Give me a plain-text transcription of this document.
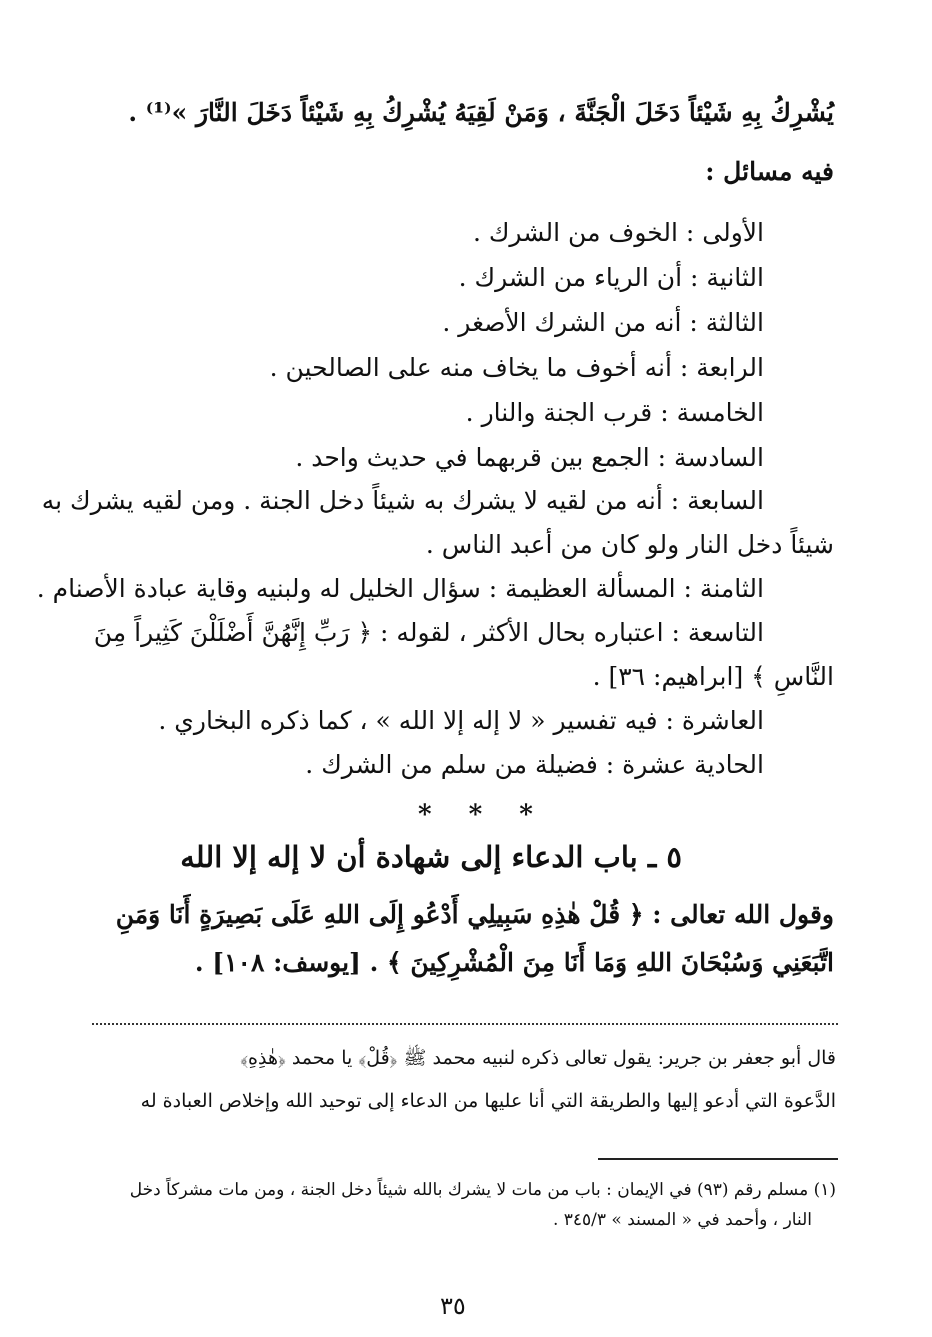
يُشْرِكُ بِهِ شَيْئاً دَخَلَ الْجَنَّةَ ، وَمَنْ لَقِيَهُ يُشْرِكُ بِهِ شَيْئاً دَخَلَ النَّارَ »⁽¹⁾ .
فيه مسائل :
الأولى : الخوف من الشرك .
الثانية : أن الرياء من الشرك .
الثالثة : أنه من الشرك الأصغر .
الرابعة : أنه أخوف ما يخاف منه على الصالحين .
الخامسة : قرب الجنة والنار .
السادسة : الجمع بين قربهما في حديث واحد .
السابعة : أنه من لقيه لا يشرك به شيئاً دخل الجنة . ومن لقيه يشرك به
شيئاً دخل النار ولو كان من أعبد الناس .
الثامنة : المسألة العظيمة : سؤال الخليل له ولبنيه وقاية عبادة الأصنام .
التاسعة : اعتباره بحال الأكثر ، لقوله : ﴿ رَبِّ إِنَّهُنَّ أَضْلَلْنَ كَثِيراً مِنَ
النَّاسِ ﴾ [ابراهيم: ٣٦] .
العاشرة : فيه تفسير « لا إله إلا الله » ، كما ذكره البخاري .
الحادية عشرة : فضيلة من سلم من الشرك .
* * *
٥ ـ باب الدعاء إلى شهادة أن لا إله إلا الله
وقول الله تعالى : ﴿ قُلْ هٰذِهِ سَبِيلِي أَدْعُو إِلَى اللهِ عَلَى بَصِيرَةٍ أَنَا وَمَنِ
اتَّبَعَنِي وَسُبْحَانَ اللهِ وَمَا أَنَا مِنَ الْمُشْرِكِينَ ﴾ . [يوسف: ١٠٨] .
قال أبو جعفر بن جرير: يقول تعالى ذكره لنبيه محمد ﷺ ﴿قُلْ﴾ يا محمد ﴿هٰذِهِ﴾
الدَّعوة التي أدعو إليها والطريقة التي أنا عليها من الدعاء إلى توحيد الله وإخلاص العبادة له
(١) مسلم رقم (٩٣) في الإيمان : باب من مات لا يشرك بالله شيئاً دخل الجنة ، ومن مات مشركاً دخل
النار ، وأحمد في « المسند » ٣٤٥/٣ .
٣٥
